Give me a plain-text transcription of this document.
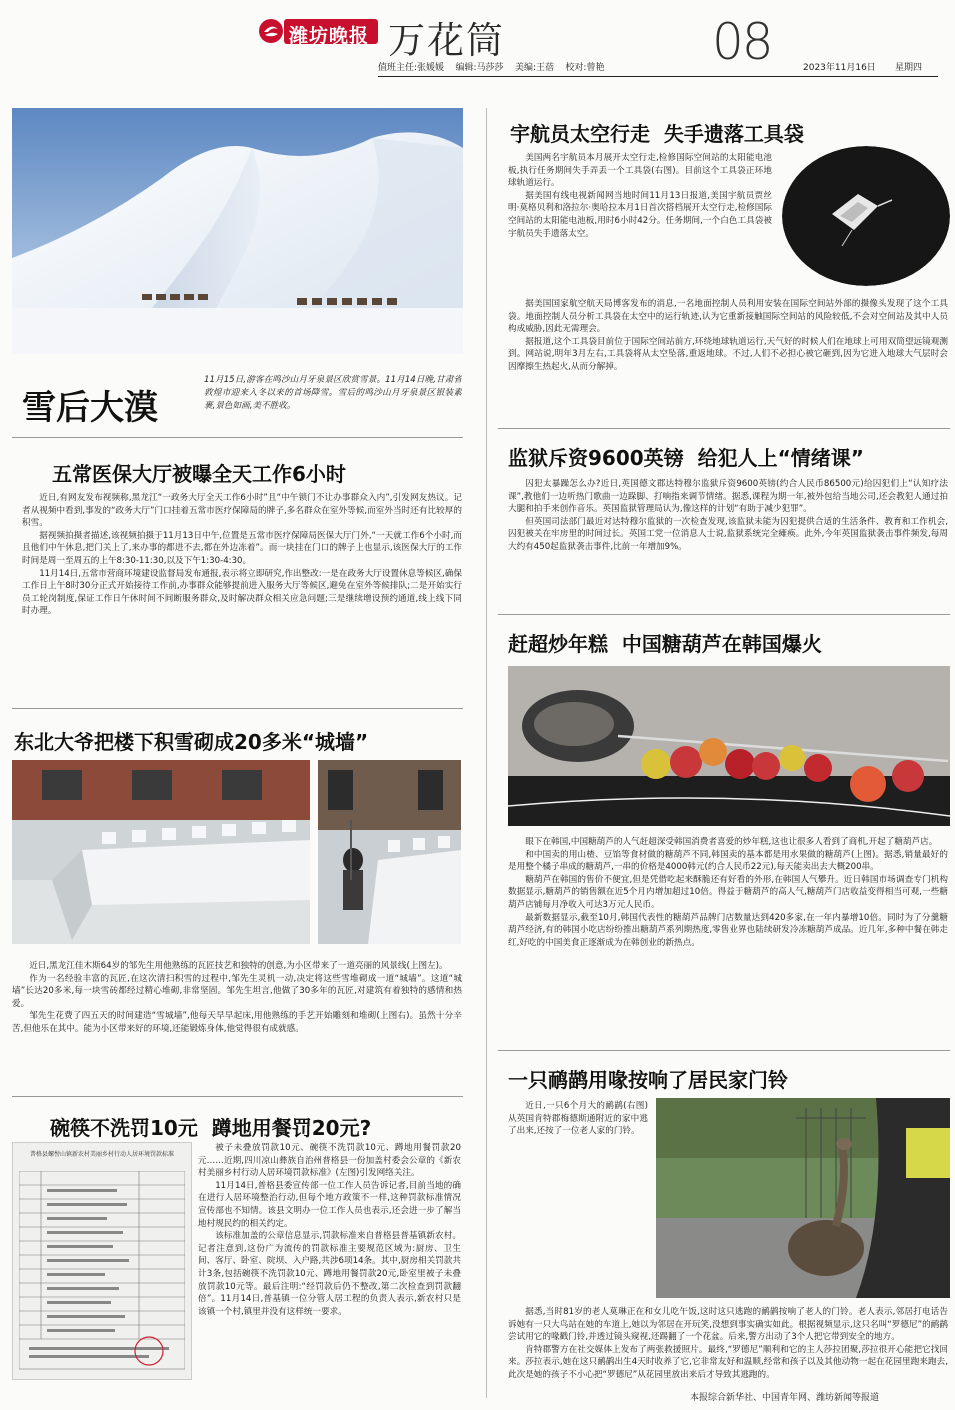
潍坊晚报 万花筒	08
值班主任:张媛媛    编辑:马莎莎    美编:王蓓    校对:曾艳	2023年11月16日 星期四
雪后大漠
11月15日,游客在鸣沙山月牙泉景区欣赏雪景。11月14日晚,甘肃省敦煌市迎来入冬以来的首场降雪。雪后的鸣沙山月牙泉景区银装素裹,景色如画,美不胜收。
五常医保大厅被曝全天工作6小时

近日,有网友发布视频称,黑龙江“一政务大厅全天工作6小时”且“中午锁门不让办事群众入内”,引发网友热议。记者从视频中看到,事发的“政务大厅”门口挂着五常市医疗保障局的牌子,多名群众在室外等候,而室外当时还有比较厚的积雪。

据视频拍摄者描述,该视频拍摄于11月13日中午,位置是五常市医疗保障局医保大厅门外,“一天就工作6个小时,而且他们中午休息,把门关上了,来办事的都进不去,都在外边冻着”。而一块挂在门口的牌子上也显示,该医保大厅的工作时间是周一至周五的上午8:30-11:30,以及下午1:30-4:30。

11月14日,五常市营商环境建设监督局发布通报,表示将立即研究,作出整改:一是在政务大厅设置休息等候区,确保工作日上午8时30分正式开始接待工作前,办事群众能够提前进入服务大厅等候区,避免在室外等候排队;二是开始实行员工轮岗制度,保证工作日午休时间不间断服务群众,及时解决群众相关应急问题;三是继续增设预约通道,线上线下同时办理。

东北大爷把楼下积雪砌成20多米“城墙”

近日,黑龙江佳木斯64岁的邹先生用他熟练的瓦匠技艺和独特的创意,为小区带来了一道亮丽的风景线(上图左)。

作为一名经验丰富的瓦匠,在这次清扫积雪的过程中,邹先生灵机一动,决定将这些雪堆砌成一道“城墙”。这道“城墙”长达20多米,每一块雪砖都经过精心堆砌,非常坚固。邹先生坦言,他做了30多年的瓦匠,对建筑有着独特的感情和热爱。

邹先生花费了四五天的时间建造“雪城墙”,他每天早早起床,用他熟练的手艺开始雕刻和堆砌(上图右)。虽然十分辛苦,但他乐在其中。能为小区带来好的环境,还能锻炼身体,他觉得很有成就感。

碗筷不洗罚10元  蹲地用餐罚20元?
普格县螺髻山镇新农村美丽乡村行动人居环境罚款标准

被子未叠放罚款10元、碗筷不洗罚款10元、蹲地用餐罚款20元……近期,四川凉山彝族自治州普格县一份加盖村委会公章的《新农村美丽乡村行动人居环境罚款标准》(左图)引发网络关注。

11月14日,普格县委宣传部一位工作人员告诉记者,目前当地的确在进行人居环境整治行动,但每个地方政策不一样,这种罚款标准情况宣传部也不知情。该县文明办一位工作人员也表示,还会进一步了解当地村规民约的相关约定。

该标准加盖的公章信息显示,罚款标准来自普格县普基镇新农村。记者注意到,这份广为流传的罚款标准主要规范区域为:厨房、卫生间、客厅、卧室、院坝、入户路,共涉6项14条。其中,厨房相关罚款共计3条,包括碗筷不洗罚款10元、蹲地用餐罚款20元,卧室里被子未叠放罚款10元等。最后注明:“经罚款后仍不整改,第二次检查到罚款翻倍”。11月14日,普基镇一位分管人居工程的负责人表示,新农村只是该镇一个村,镇里并没有这样统一要求。

宇航员太空行走  失手遗落工具袋

美国两名宇航员本月展开太空行走,检修国际空间站的太阳能电池板,执行任务期间失手弄丢一个工具袋(右图)。目前这个工具袋正环地球轨道运行。

据美国有线电视新闻网当地时间11月13日报道,美国宇航员贾丝明·莫格贝利和洛拉尔·奥哈拉本月1日首次搭档展开太空行走,检修国际空间站的太阳能电池板,用时6小时42分。任务期间,一个白色工具袋被宇航员失手遗落太空。

据美国国家航空航天局博客发布的消息,一名地面控制人员利用安装在国际空间站外部的摄像头发现了这个工具袋。地面控制人员分析工具袋在太空中的运行轨迹,认为它重新接触国际空间站的风险较低,不会对空间站及其中人员构成威胁,因此无需理会。

据报道,这个工具袋目前位于国际空间站前方,环绕地球轨道运行,天气好的时候人们在地球上可用双筒望远镜观测到。网站说,明年3月左右,工具袋将从太空坠落,重返地球。不过,人们不必担心被它砸到,因为它进入地球大气层时会因摩擦生热起火,从而分解掉。

监狱斥资9600英镑  给犯人上“情绪课”

囚犯太暴躁怎么办?近日,英国德文郡达特穆尔监狱斥资9600英镑(约合人民币86500元)给囚犯们上“认知疗法课”,教他们一边听热门歌曲一边跺脚、打响指来调节情绪。据悉,课程为期一年,被外包给当地公司,还会教犯人通过拍大腿和拍手来创作音乐。英国监狱管理局认为,像这样的计划“有助于减少犯罪”。

但英国司法部门最近对达特穆尔监狱的一次检查发现,该监狱未能为囚犯提供合适的生活条件、教育和工作机会,囚犯被关在牢房里的时间过长。英国工党一位消息人士说,监狱系统完全瘫痪。此外,今年英国监狱袭击事件频发,每周大约有450起监狱袭击事件,比前一年增加9%。

赶超炒年糕  中国糖葫芦在韩国爆火

眼下在韩国,中国糖葫芦的人气赶超深受韩国消费者喜爱的炒年糕,这也让很多人看到了商机,开起了糖葫芦店。

和中国卖的用山楂、豆馅等食材做的糖葫芦不同,韩国卖的基本都是用水果做的糖葫芦(上图)。据悉,销量最好的是用整个橘子串成的糖葫芦,一串的价格是4000韩元(约合人民币22元),每天能卖出去大概200串。

糖葫芦在韩国的售价不便宜,但是凭借吃起来酥脆还有好看的外形,在韩国人气攀升。近日韩国市场调查专门机构数据显示,糖葫芦的销售额在近5个月内增加超过10倍。得益于糖葫芦的高人气,糖葫芦门店收益变得相当可观,一些糖葫芦店铺每月净收入可达3万元人民币。

最新数据显示,截至10月,韩国代表性的糖葫芦品牌门店数量达到420多家,在一年内暴增10倍。同时为了分羹糖葫芦经济,有的韩国小吃店纷纷推出糖葫芦系列期热度,零售业界也陆续研发冷冻糖葫芦成品。近几年,多种中餐在韩走红,好吃的中国美食正逐渐成为在韩创业的新热点。

一只鸸鹋用喙按响了居民家门铃

近日,一只6个月大的鸸鹋(右图)从英国肯特郡梅德斯通附近的家中逃了出来,还按了一位老人家的门铃。

据悉,当时81岁的老人莫琳正在和女儿吃午饭,这时这只逃跑的鸸鹋按响了老人的门铃。老人表示,邻居打电话告诉她有一只大鸟站在她的车道上,她以为邻居在开玩笑,没想到事实确实如此。根据视频显示,这只名叫“罗德尼”的鸸鹋尝试用它的喙戳门铃,并透过镜头窥视,还踢翻了一个花盆。后来,警方出动了3个人把它带到安全的地方。

肯特郡警方在社交媒体上发布了两张救援照片。最终,“罗德尼”顺利和它的主人莎拉团聚,莎拉很开心能把它找回来。莎拉表示,她在这只鸸鹋出生4天时收养了它,它非常友好和温顺,经常和孩子以及其他动物一起在花园里跑来跑去,此次是她的孩子不小心把“罗德尼”从花园里放出来后才导致其逃跑的。

本报综合新华社、中国青年网、潍坊新闻等报道
